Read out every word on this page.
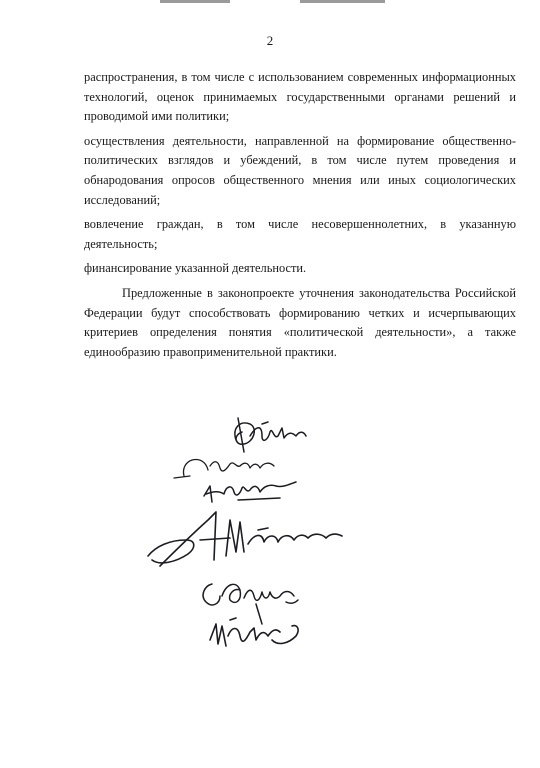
2

распространения, в том числе с использованием современных информационных технологий, оценок принимаемых государственными органами решений и проводимой ими политики;

осуществления деятельности, направленной на формирование общественно-политических взглядов и убеждений, в том числе путем проведения и обнародования опросов общественного мнения или иных социологических исследований;

вовлечение граждан, в том числе несовершеннолетних, в указанную деятельность;

финансирование указанной деятельности.

Предложенные в законопроекте уточнения законодательства Российской Федерации будут способствовать формированию четких и исчерпывающих критериев определения понятия «политической деятельности», а также единообразию правоприменительной практики.
